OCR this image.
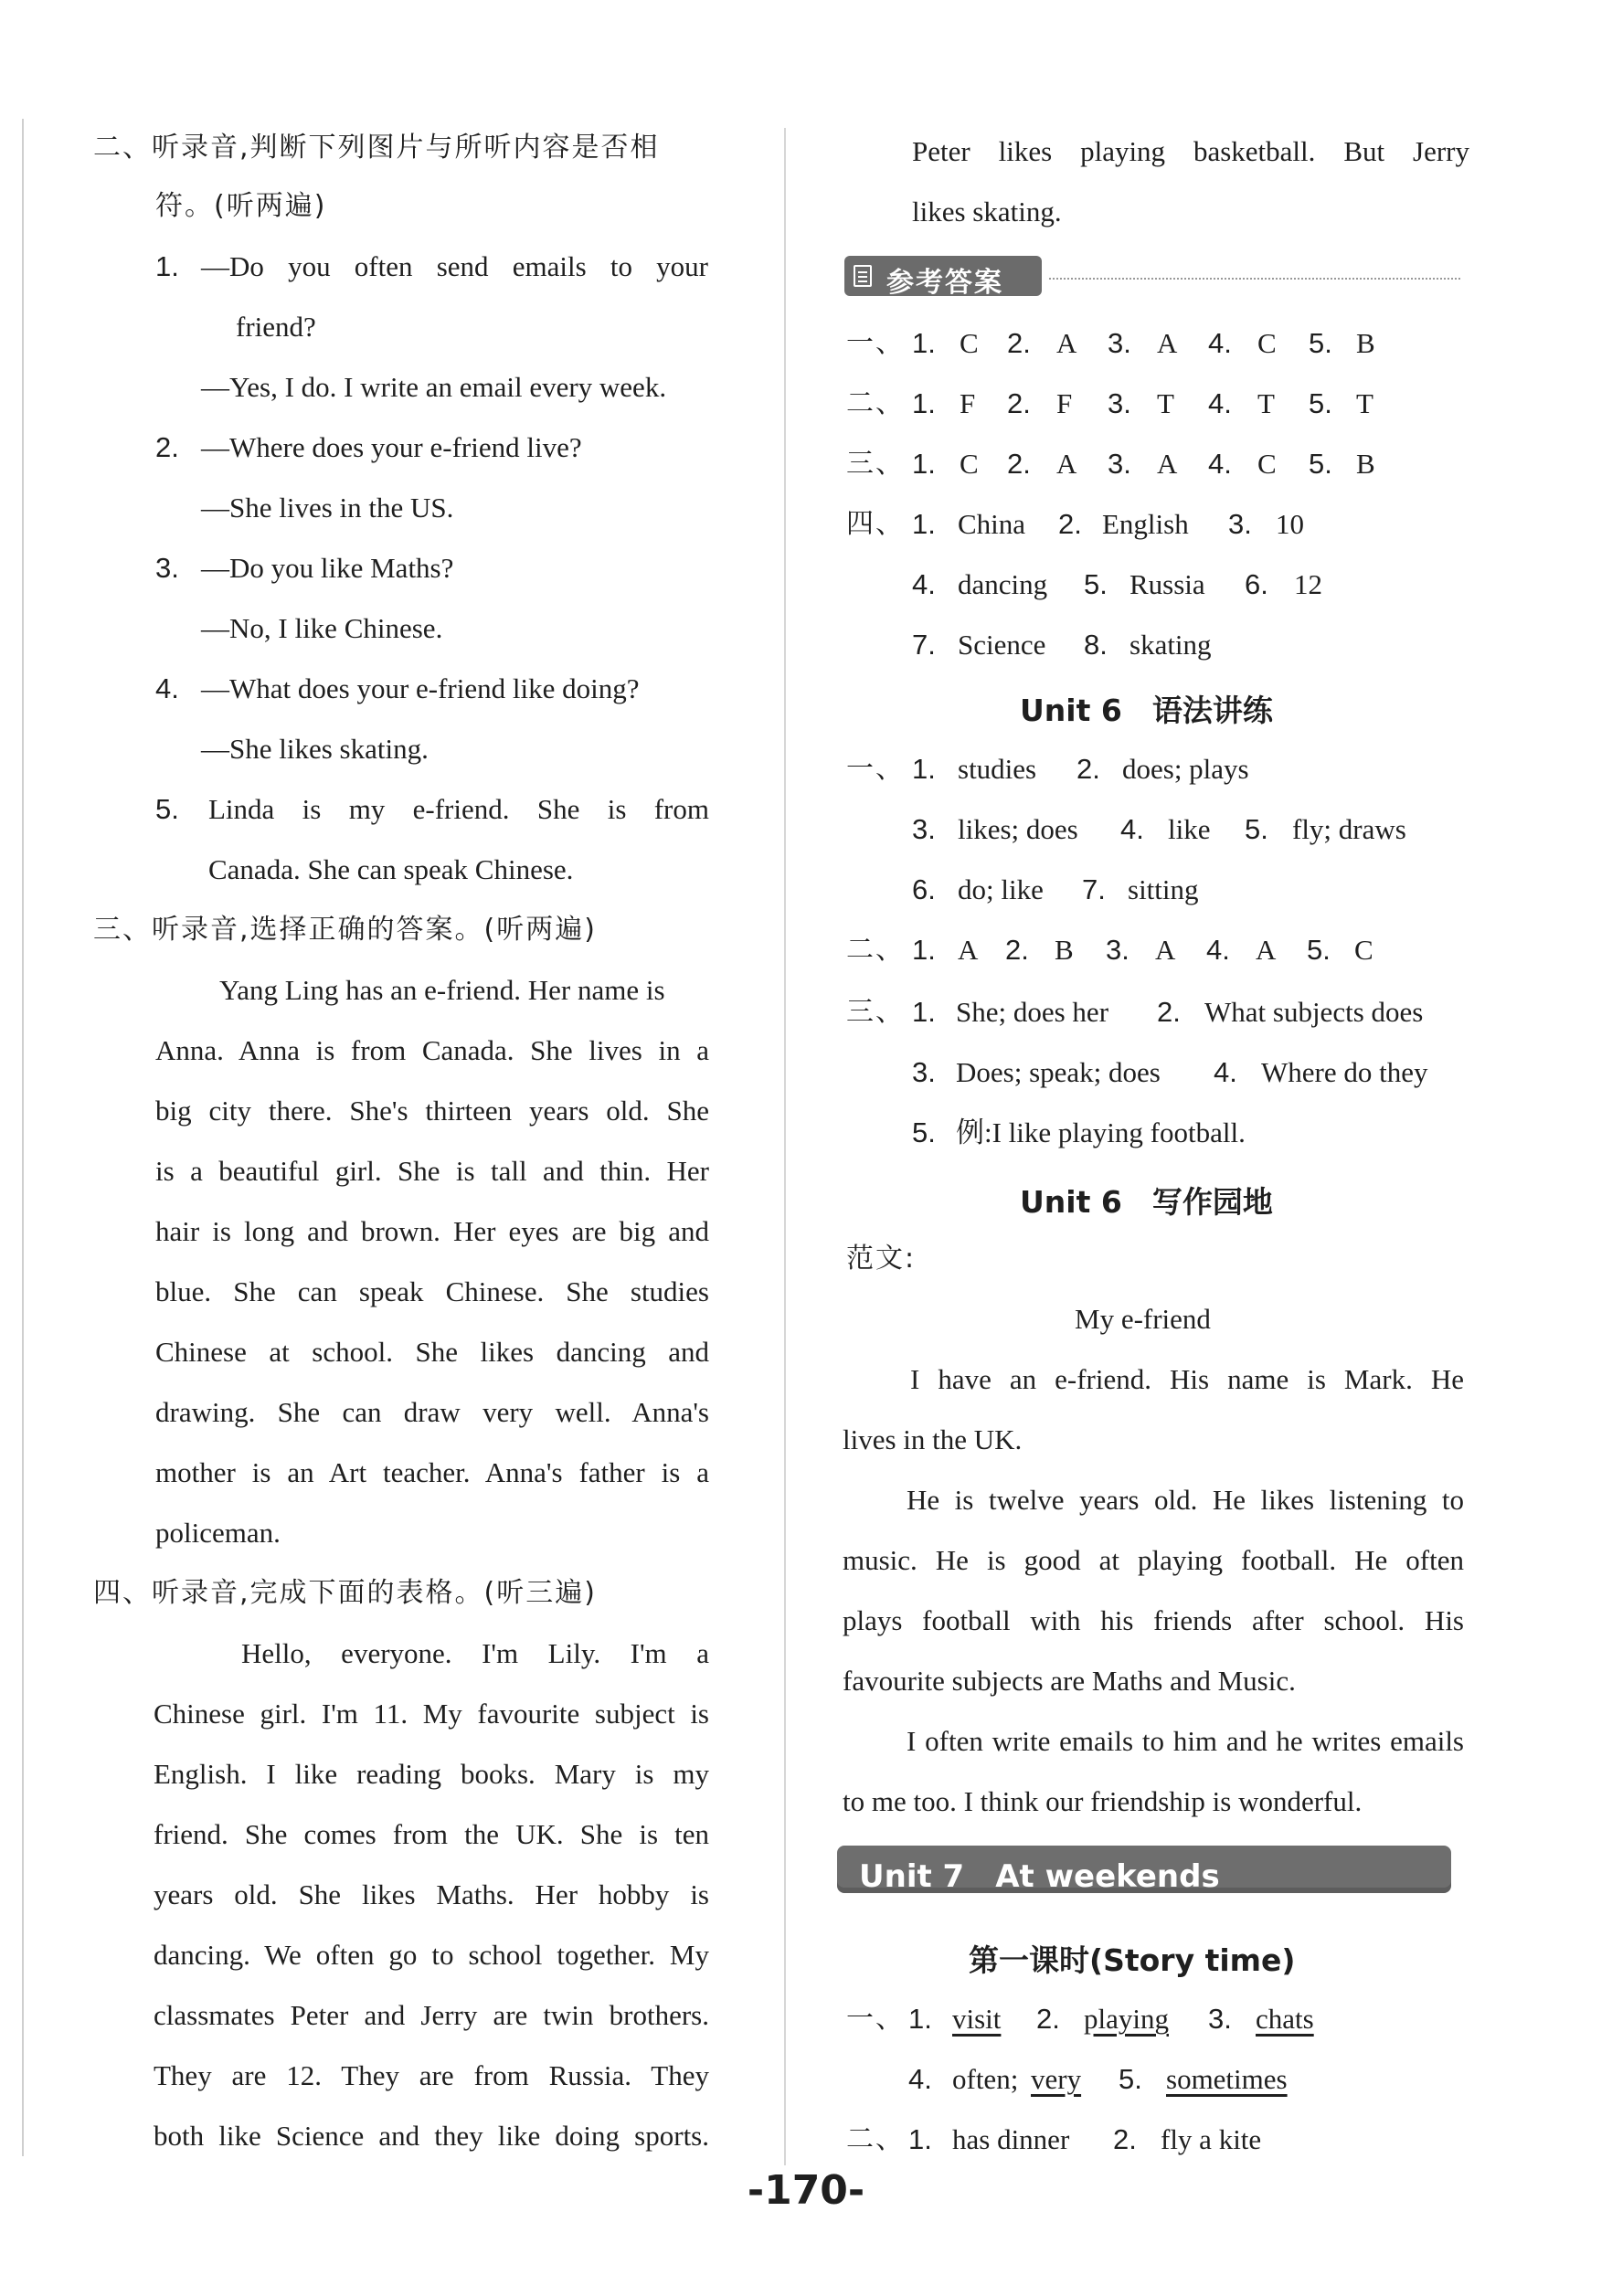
二、听录音,判断下列图片与所听内容是否相
符。(听两遍)
1. —Do you often send emails to your
friend?
—Yes, I do. I write an email every week.
2. —Where does your e-friend live?
—She lives in the US.
3. —Do you like Maths?
—No, I like Chinese.
4. —What does your e-friend like doing?
—She likes skating.
5. Linda is my e-friend. She is from
Canada. She can speak Chinese.
三、听录音,选择正确的答案。(听两遍)
Yang Ling has an e-friend. Her name is
Anna. Anna is from Canada. She lives in a
big city there. She's thirteen years old. She
is a beautiful girl. She is tall and thin. Her
hair is long and brown. Her eyes are big and
blue. She can speak Chinese. She studies
Chinese at school. She likes dancing and
drawing. She can draw very well. Anna's
mother is an Art teacher. Anna's father is a
policeman.
四、听录音,完成下面的表格。(听三遍)
Hello, everyone. I'm Lily. I'm a
Chinese girl. I'm 11. My favourite subject is
English. I like reading books. Mary is my
friend. She comes from the UK. She is ten
years old. She likes Maths. Her hobby is
dancing. We often go to school together. My
classmates Peter and Jerry are twin brothers.
They are 12. They are from Russia. They
both like Science and they like doing sports.
Peter likes playing basketball. But Jerry
likes skating.
参考答案
一、 1. C 2. A 3. A 4. C 5. B
二、 1. F 2. F 3. T 4. T 5. T
三、 1. C 2. A 3. A 4. C 5. B
四、 1. China 2. English 3. 10
4. dancing 5. Russia 6. 12
7. Science 8. skating
Unit 6　语法讲练
一、 1. studies 2. does; plays
3. likes; does 4. like 5. fly; draws
6. do; like 7. sitting
二、 1. A 2. B 3. A 4. A 5. C
三、 1. She; does her 2. What subjects does
3. Does; speak; does 4. Where do they
5. 例:I like playing football.
Unit 6　写作园地
范文:
My e-friend
I have an e-friend. His name is Mark. He
lives in the UK.
He is twelve years old. He likes listening to
music. He is good at playing football. He often
plays football with his friends after school. His
favourite subjects are Maths and Music.
I often write emails to him and he writes emails
to me too. I think our friendship is wonderful.
Unit 7　At weekends
第一课时(Story time)
一、 1. visit 2. playing 3. chats
4. often; very 5. sometimes
二、 1. has dinner 2. fly a kite
-170-
